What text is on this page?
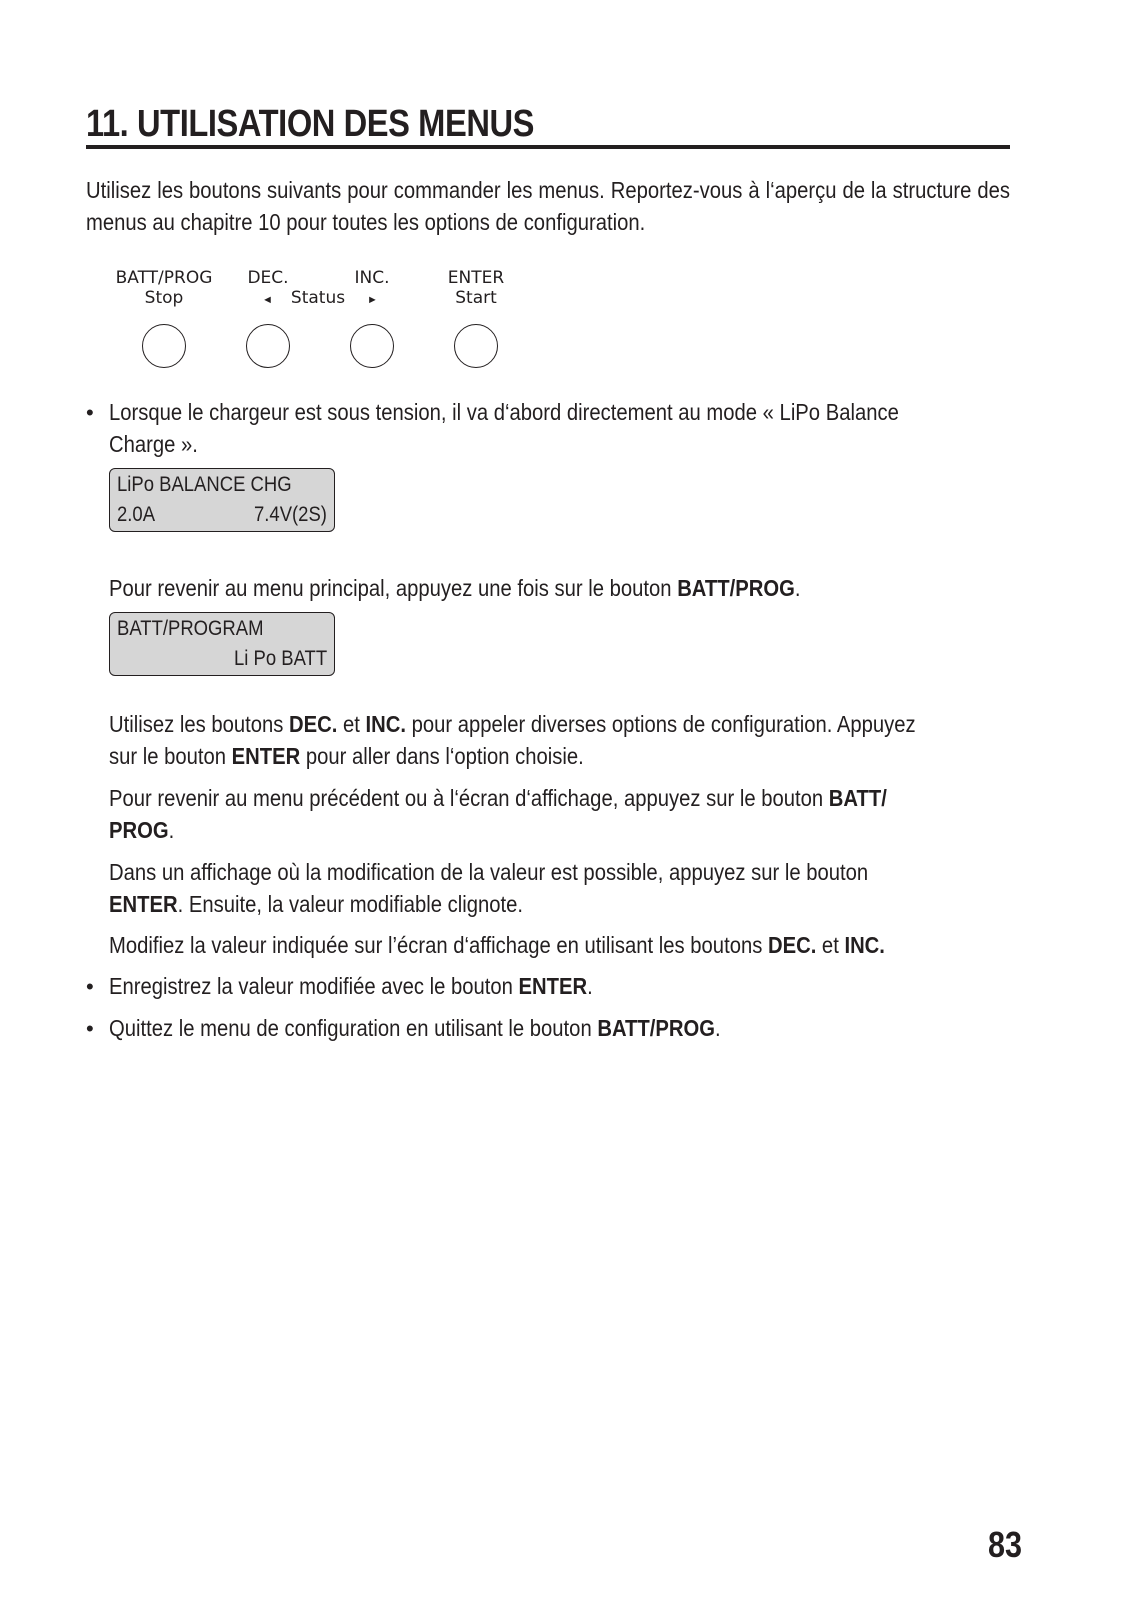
11. UTILISATION DES MENUS
Utilisez les boutons suivants pour commander les menus. Reportez-vous à l‘aperçu de la structure des menus au chapitre 10 pour toutes les options de configuration.
BATT/PROG
Stop
DEC.
◄	Status	►
INC.	ENTER
Start
• Lorsque le chargeur est sous tension, il va d‘abord directement au mode « LiPo Balance
Charge ».
LiPo BALANCE CHG
2.0A	7.4V(2S)
Pour revenir au menu principal, appuyez une fois sur le bouton BATT/PROG.
BATT/PROGRAM
Li Po BATT
Utilisez les boutons DEC. et INC. pour appeler diverses options de configuration. Appuyez
sur le bouton ENTER pour aller dans l‘option choisie.
Pour revenir au menu précédent ou à l‘écran d‘affichage, appuyez sur le bouton BATT/
PROG.
Dans un affichage où la modification de la valeur est possible, appuyez sur le bouton
ENTER. Ensuite, la valeur modifiable clignote.
Modifiez la valeur indiquée sur l’écran d‘affichage en utilisant les boutons DEC. et INC.
• Enregistrez la valeur modifiée avec le bouton ENTER.
• Quittez le menu de configuration en utilisant le bouton BATT/PROG.
83
